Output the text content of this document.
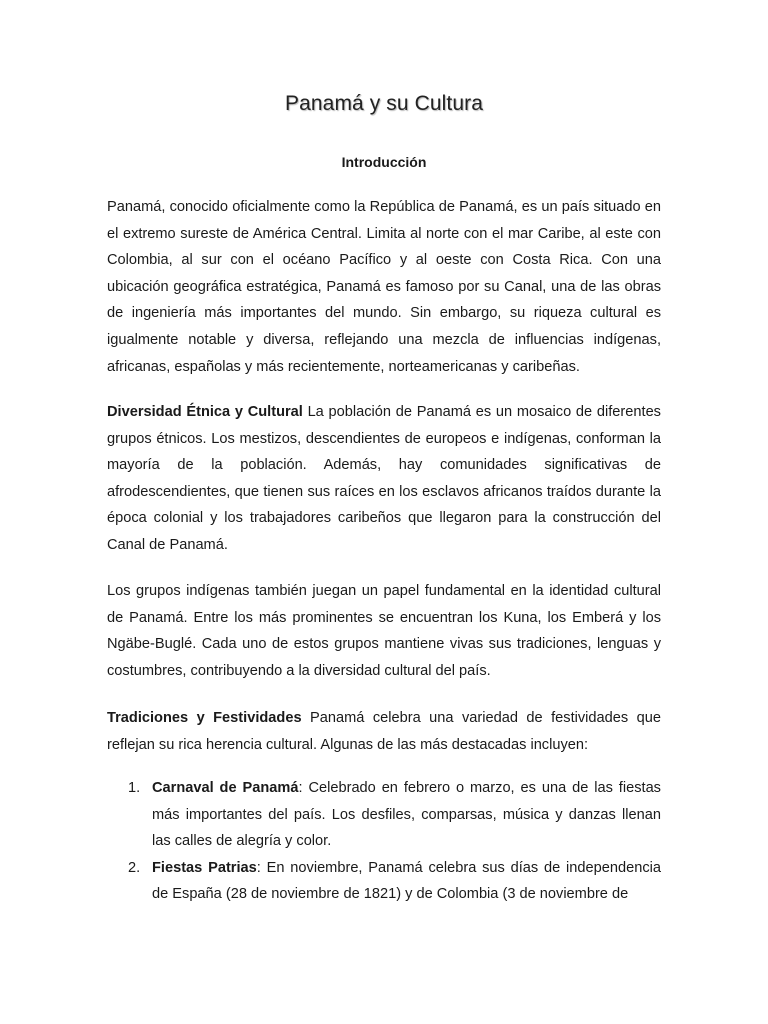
Panamá y su Cultura
Introducción
Panamá, conocido oficialmente como la República de Panamá, es un país situado en el extremo sureste de América Central. Limita al norte con el mar Caribe, al este con Colombia, al sur con el océano Pacífico y al oeste con Costa Rica. Con una ubicación geográfica estratégica, Panamá es famoso por su Canal, una de las obras de ingeniería más importantes del mundo. Sin embargo, su riqueza cultural es igualmente notable y diversa, reflejando una mezcla de influencias indígenas, africanas, españolas y más recientemente, norteamericanas y caribeñas.
Diversidad Étnica y Cultural La población de Panamá es un mosaico de diferentes grupos étnicos. Los mestizos, descendientes de europeos e indígenas, conforman la mayoría de la población. Además, hay comunidades significativas de afrodescendientes, que tienen sus raíces en los esclavos africanos traídos durante la época colonial y los trabajadores caribeños que llegaron para la construcción del Canal de Panamá.
Los grupos indígenas también juegan un papel fundamental en la identidad cultural de Panamá. Entre los más prominentes se encuentran los Kuna, los Emberá y los Ngäbe-Buglé. Cada uno de estos grupos mantiene vivas sus tradiciones, lenguas y costumbres, contribuyendo a la diversidad cultural del país.
Tradiciones y Festividades Panamá celebra una variedad de festividades que reflejan su rica herencia cultural. Algunas de las más destacadas incluyen:
1. Carnaval de Panamá: Celebrado en febrero o marzo, es una de las fiestas más importantes del país. Los desfiles, comparsas, música y danzas llenan las calles de alegría y color.
2. Fiestas Patrias: En noviembre, Panamá celebra sus días de independencia de España (28 de noviembre de 1821) y de Colombia (3 de noviembre de
